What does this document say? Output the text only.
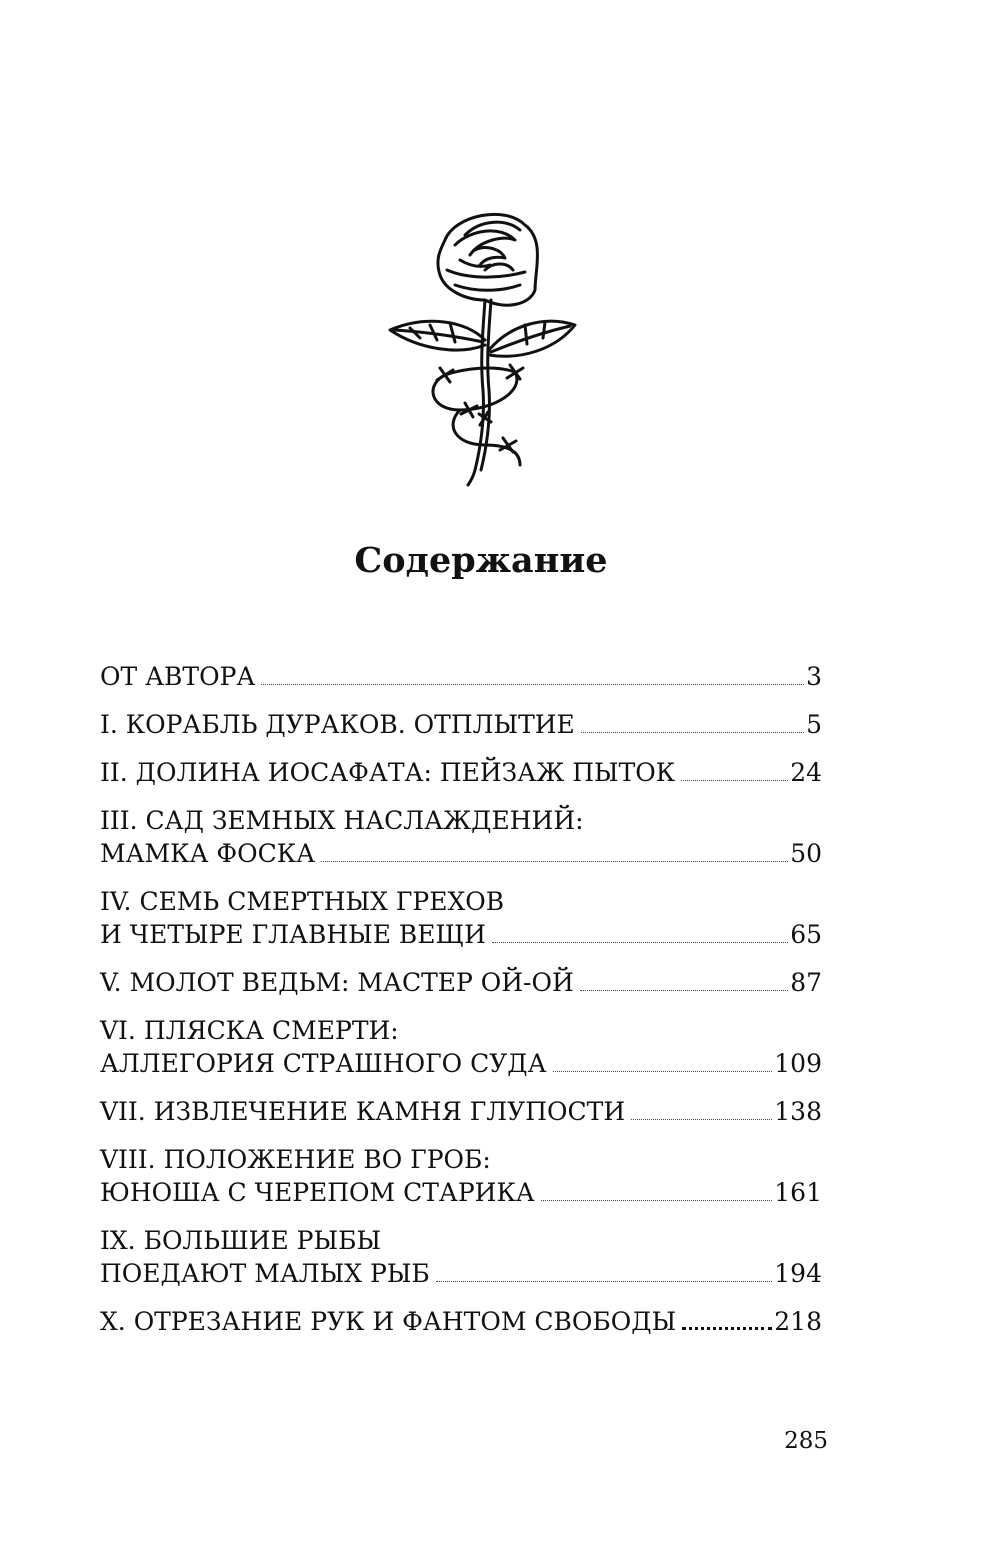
Содержание
ОТ АВТОРА	3
I. КОРАБЛЬ ДУРАКОВ. ОТПЛЫТИЕ	5
II. ДОЛИНА ИОСАФАТА: ПЕЙЗАЖ ПЫТОК	24
III. САД ЗЕМНЫХ НАСЛАЖДЕНИЙ:
МАМКА ФОСКА	50
IV. СЕМЬ СМЕРТНЫХ ГРЕХОВ
И ЧЕТЫРЕ ГЛАВНЫЕ ВЕЩИ	65
V. МОЛОТ ВЕДЬМ: МАСТЕР ОЙ-ОЙ	87
VI. ПЛЯСКА СМЕРТИ:
АЛЛЕГОРИЯ СТРАШНОГО СУДА	109
VII. ИЗВЛЕЧЕНИЕ КАМНЯ ГЛУПОСТИ	138
VIII. ПОЛОЖЕНИЕ ВО ГРОБ:
ЮНОША С ЧЕРЕПОМ СТАРИКА	161
IX. БОЛЬШИЕ РЫБЫ
ПОЕДАЮТ МАЛЫХ РЫБ	194
X. ОТРЕЗАНИЕ РУК И ФАНТОМ СВОБОДЫ	218
285
